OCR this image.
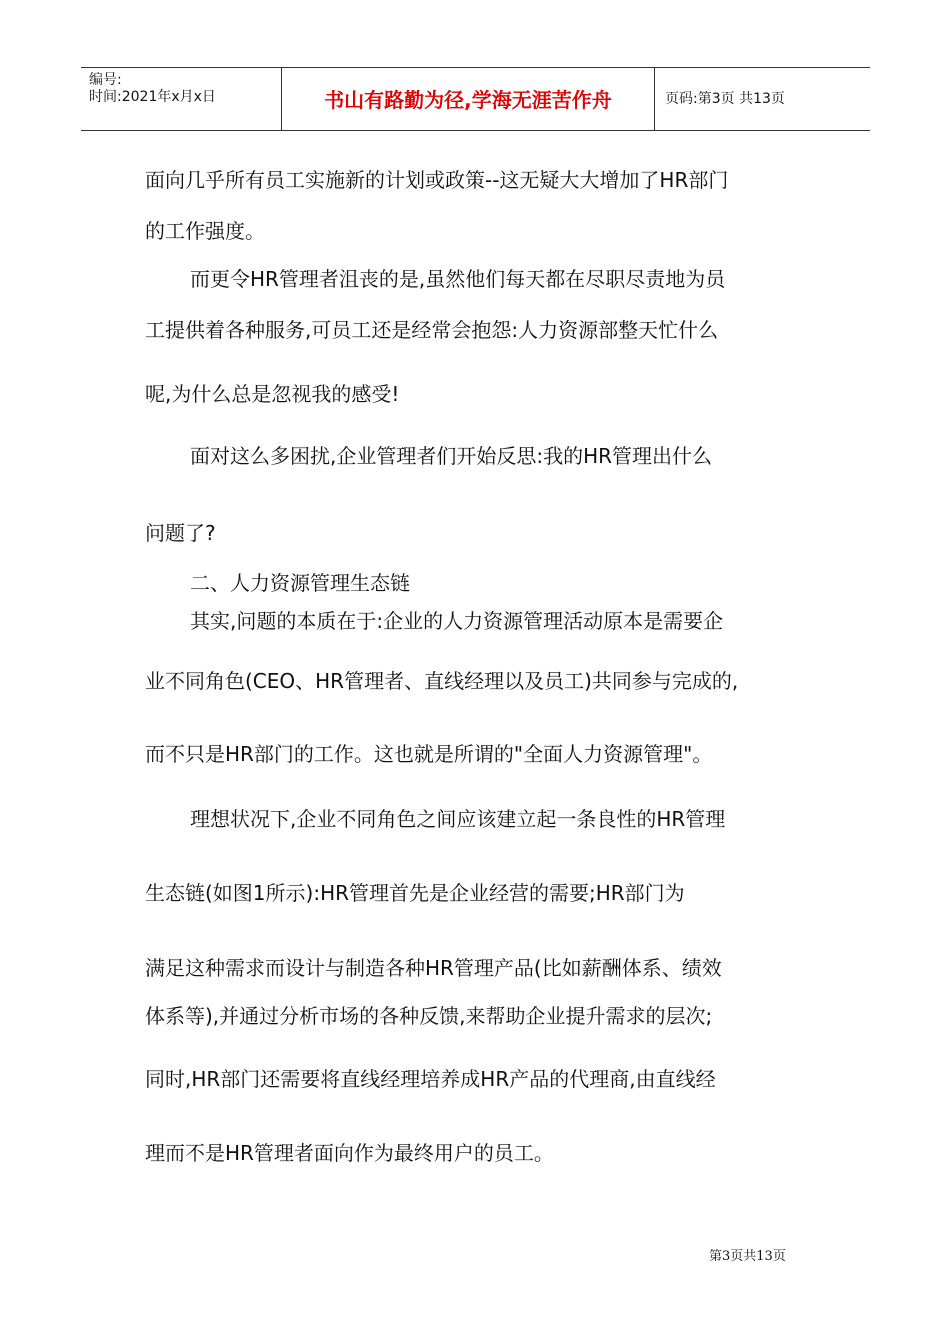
编号:
时间:2021年x月x日	书山有路勤为径,学海无涯苦作舟	页码:第3页 共13页
面向几乎所有员工实施新的计划或政策--这无疑大大增加了HR部门
的工作强度。
而更令HR管理者沮丧的是,虽然他们每天都在尽职尽责地为员
工提供着各种服务,可员工还是经常会抱怨:人力资源部整天忙什么
呢,为什么总是忽视我的感受!
面对这么多困扰,企业管理者们开始反思:我的HR管理出什么
问题了?
二、人力资源管理生态链
其实,问题的本质在于:企业的人力资源管理活动原本是需要企
业不同角色(CEO、HR管理者、直线经理以及员工)共同参与完成的,
而不只是HR部门的工作。这也就是所谓的"全面人力资源管理"。
理想状况下,企业不同角色之间应该建立起一条良性的HR管理
生态链(如图1所示):HR管理首先是企业经营的需要;HR部门为
满足这种需求而设计与制造各种HR管理产品(比如薪酬体系、绩效
体系等),并通过分析市场的各种反馈,来帮助企业提升需求的层次;
同时,HR部门还需要将直线经理培养成HR产品的代理商,由直线经
理而不是HR管理者面向作为最终用户的员工。
第3页共13页
